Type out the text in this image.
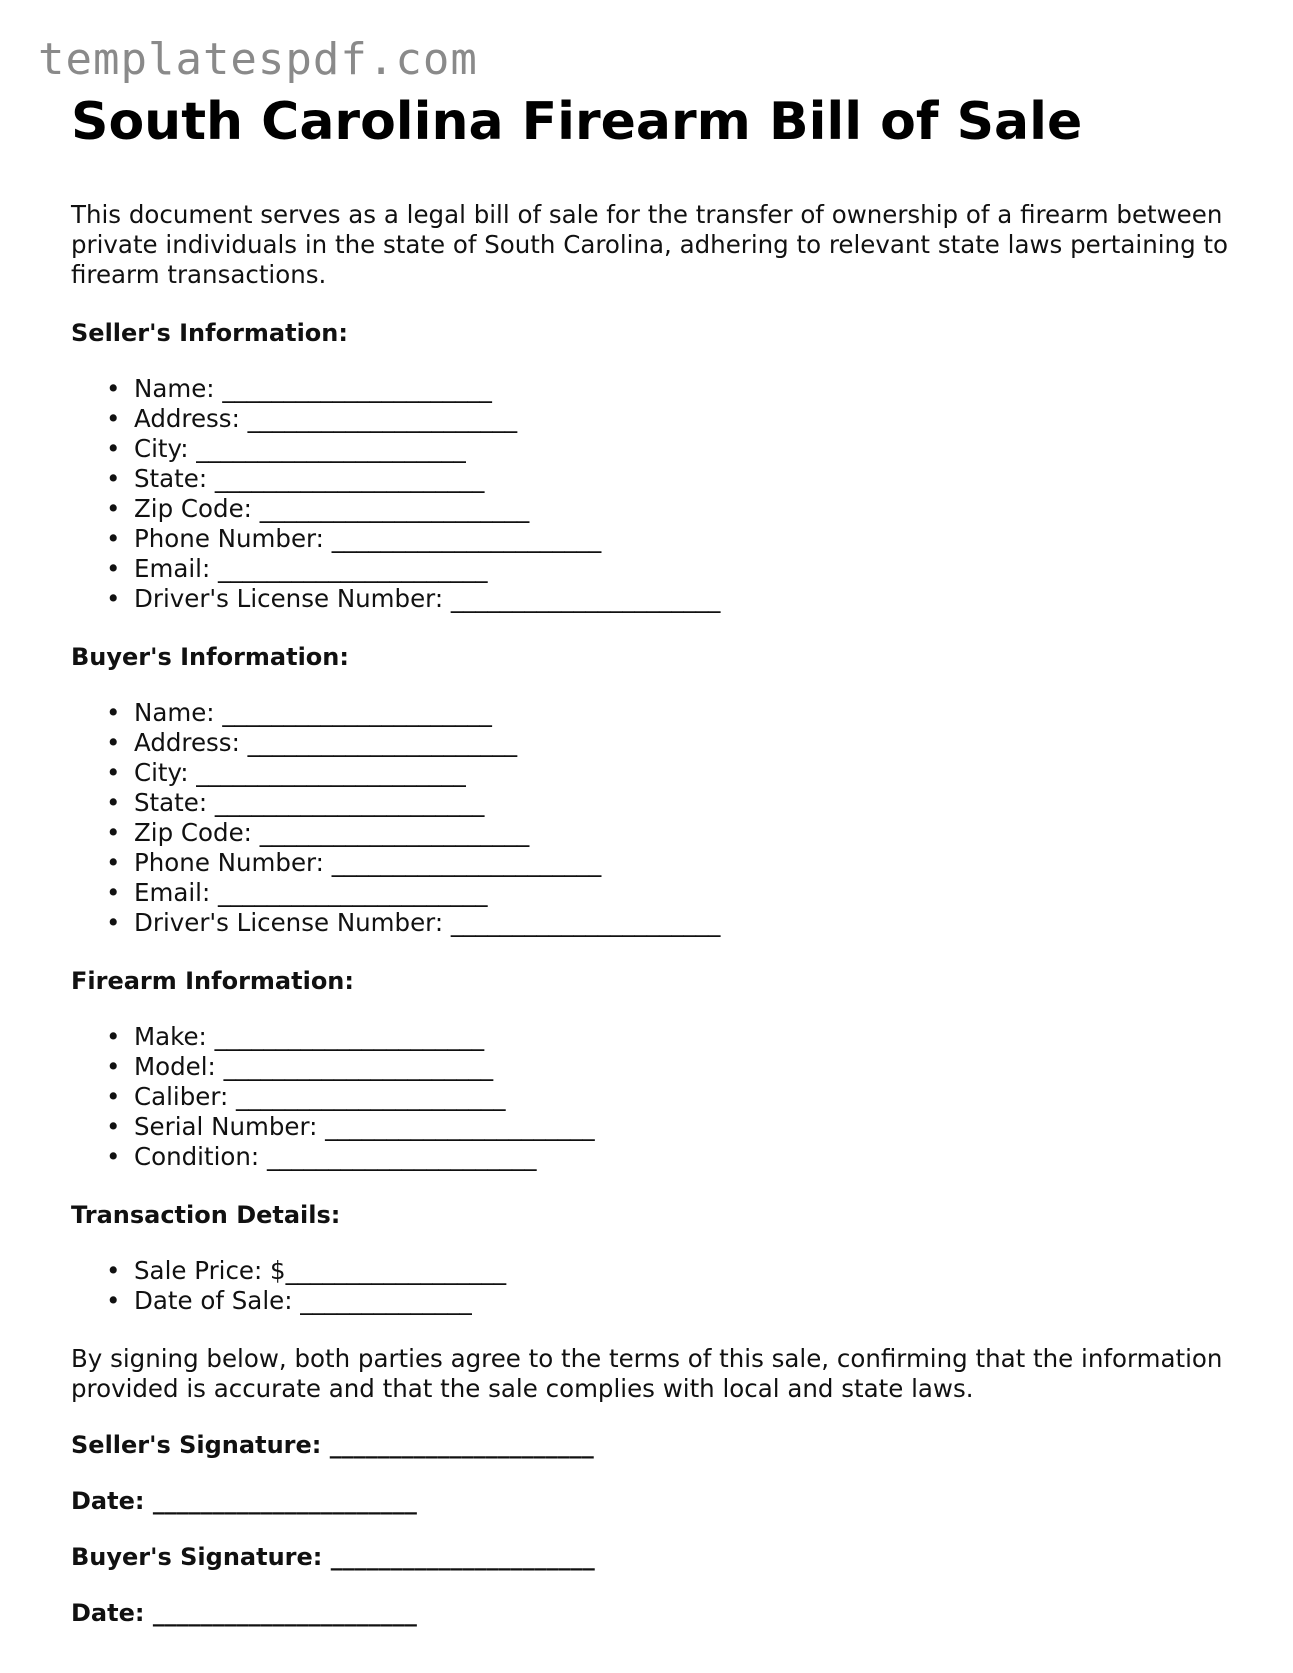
templatespdf.com
South Carolina Firearm Bill of Sale

This document serves as a legal bill of sale for the transfer of ownership of a firearm between private individuals in the state of South Carolina, adhering to relevant state laws pertaining to firearm transactions.

Seller's Information:
• Name: ______________________
• Address: ______________________
• City: ______________________
• State: ______________________
• Zip Code: ______________________
• Phone Number: ______________________
• Email: ______________________
• Driver's License Number: ______________________
Buyer's Information:
• Name: ______________________
• Address: ______________________
• City: ______________________
• State: ______________________
• Zip Code: ______________________
• Phone Number: ______________________
• Email: ______________________
• Driver's License Number: ______________________
Firearm Information:
• Make: ______________________
• Model: ______________________
• Caliber: ______________________
• Serial Number: ______________________
• Condition: ______________________
Transaction Details:
• Sale Price: $__________________
• Date of Sale: ______________

By signing below, both parties agree to the terms of this sale, confirming that the information provided is accurate and that the sale complies with local and state laws.

Seller's Signature: ______________________

Date: ______________________

Buyer's Signature: ______________________

Date: ______________________
